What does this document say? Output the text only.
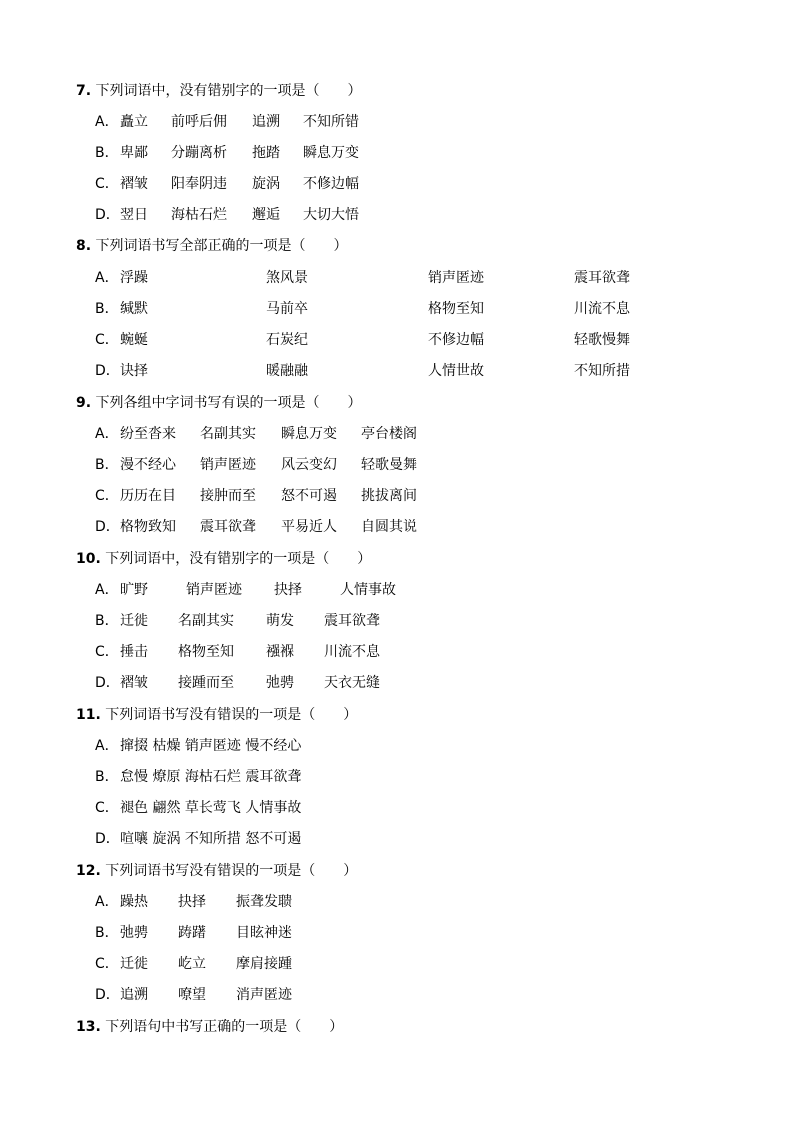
7. 下列词语中，没有错别字的一项是（　　）
A． 矗立 前呼后佣 追溯 不知所错
B． 卑鄙 分蹦离析 拖踏 瞬息万变
C． 褶皱 阳奉阴违 旋涡 不修边幅
D． 翌日 海枯石烂 邂逅 大切大悟
8. 下列词语书写全部正确的一项是（　　）
A． 浮躁	煞风景	销声匿迹	震耳欲聋
B． 缄默	马前卒	格物至知	川流不息
C． 蜿蜒	石炭纪	不修边幅	轻歌慢舞
D． 诀择	暖融融	人情世故	不知所措
9. 下列各组中字词书写有误的一项是（　　）
A． 纷至沓来 名副其实 瞬息万变 亭台楼阁
B． 漫不经心 销声匿迹 风云变幻 轻歌曼舞
C． 历历在目 接肿而至 怒不可遏 挑拔离间
D． 格物致知 震耳欲聋 平易近人 自圆其说
10. 下列词语中，没有错别字的一项是（　　）
A． 旷野	销声匿迹 抉择	人情事故
B． 迁徙 名副其实 萌发 震耳欲聋
C． 捶击 格物至知 襁褓 川流不息
D． 褶皱 接踵而至 弛骋 天衣无缝
11. 下列词语书写没有错误的一项是（　　）
A． 撺掇 枯燥 销声匿迹 慢不经心
B． 怠慢 燎原 海枯石烂 震耳欲聋
C． 褪色 翩然 草长莺飞 人情事故
D． 喧嚷 旋涡 不知所措 怒不可遏
12. 下列词语书写没有错误的一项是（　　）
A． 躁热 抉择 振聋发聩
B． 弛骋 踌躇 目眩神迷
C． 迁徙 屹立 摩肩接踵
D． 追溯 嘹望 消声匿迹
13. 下列语句中书写正确的一项是（　　）
